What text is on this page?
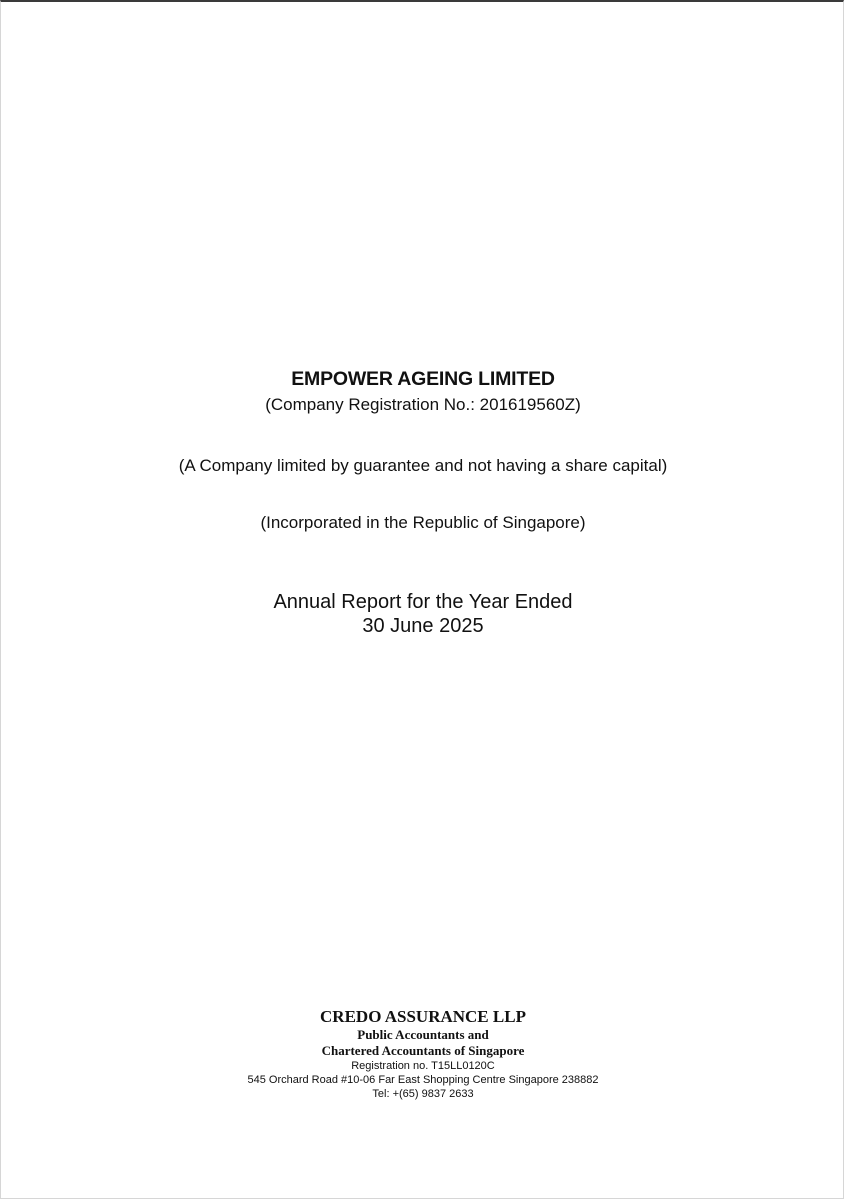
EMPOWER AGEING LIMITED

(Company Registration No.: 201619560Z)

(A Company limited by guarantee and not having a share capital)

(Incorporated in the Republic of Singapore)

Annual Report for the Year Ended

30 June 2025

CREDO ASSURANCE LLP

Public Accountants and

Chartered Accountants of Singapore

Registration no. T15LL0120C

545 Orchard Road #10-06 Far East Shopping Centre Singapore 238882

Tel: +(65) 9837 2633
